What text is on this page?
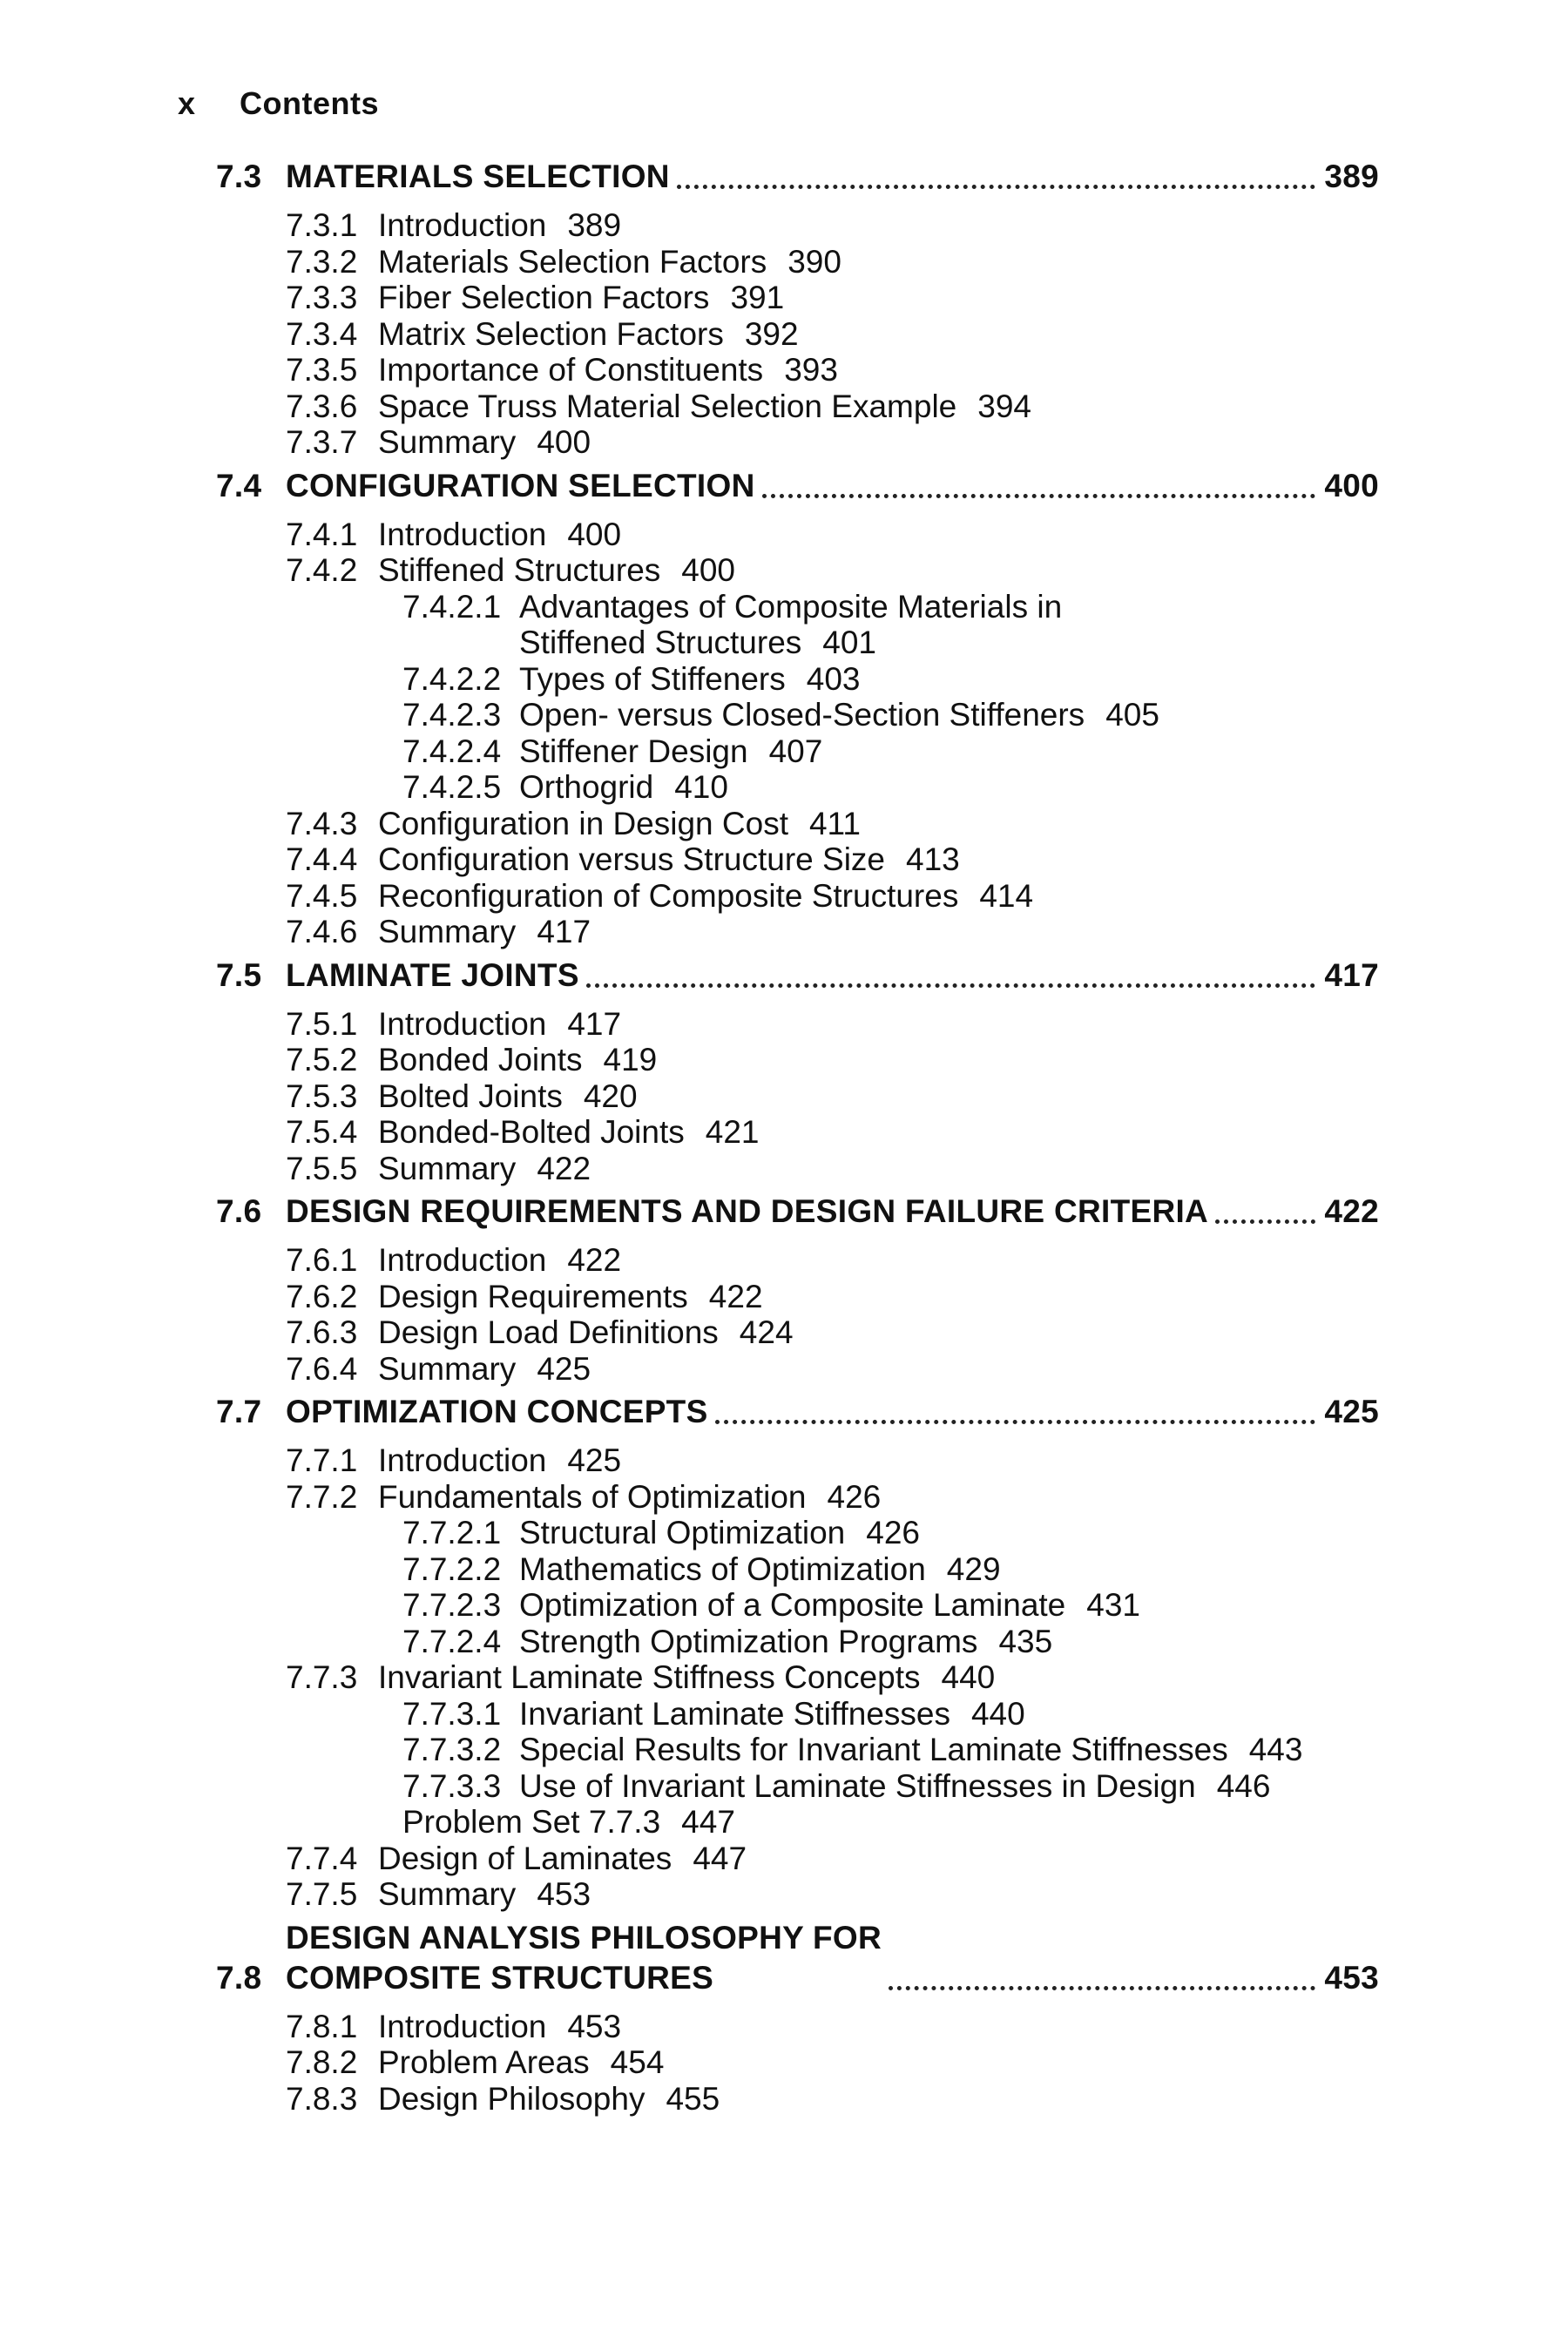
x Contents
7.3 MATERIALS SELECTION	389
7.3.1 Introduction 389
7.3.2 Materials Selection Factors 390
7.3.3 Fiber Selection Factors 391
7.3.4 Matrix Selection Factors 392
7.3.5 Importance of Constituents 393
7.3.6 Space Truss Material Selection Example 394
7.3.7 Summary 400
7.4 CONFIGURATION SELECTION	400
7.4.1 Introduction 400
7.4.2 Stiffened Structures 400
7.4.2.1 Advantages of Composite Materials in
Stiffened Structures 401
7.4.2.2 Types of Stiffeners 403
7.4.2.3 Open- versus Closed-Section Stiffeners 405
7.4.2.4 Stiffener Design 407
7.4.2.5 Orthogrid 410
7.4.3 Configuration in Design Cost 411
7.4.4 Configuration versus Structure Size 413
7.4.5 Reconfiguration of Composite Structures 414
7.4.6 Summary 417
7.5 LAMINATE JOINTS	417
7.5.1 Introduction 417
7.5.2 Bonded Joints 419
7.5.3 Bolted Joints 420
7.5.4 Bonded-Bolted Joints 421
7.5.5 Summary 422
7.6 DESIGN REQUIREMENTS AND DESIGN FAILURE CRITERIA	422
7.6.1 Introduction 422
7.6.2 Design Requirements 422
7.6.3 Design Load Definitions 424
7.6.4 Summary 425
7.7 OPTIMIZATION CONCEPTS	425
7.7.1 Introduction 425
7.7.2 Fundamentals of Optimization 426
7.7.2.1 Structural Optimization 426
7.7.2.2 Mathematics of Optimization 429
7.7.2.3 Optimization of a Composite Laminate 431
7.7.2.4 Strength Optimization Programs 435
7.7.3 Invariant Laminate Stiffness Concepts 440
7.7.3.1 Invariant Laminate Stiffnesses 440
7.7.3.2 Special Results for Invariant Laminate Stiffnesses 443
7.7.3.3 Use of Invariant Laminate Stiffnesses in Design 446
Problem Set 7.7.3 447
7.7.4 Design of Laminates 447
7.7.5 Summary 453
7.8
DESIGN ANALYSIS PHILOSOPHY FOR
COMPOSITE STRUCTURES	453
7.8.1 Introduction 453
7.8.2 Problem Areas 454
7.8.3 Design Philosophy 455
